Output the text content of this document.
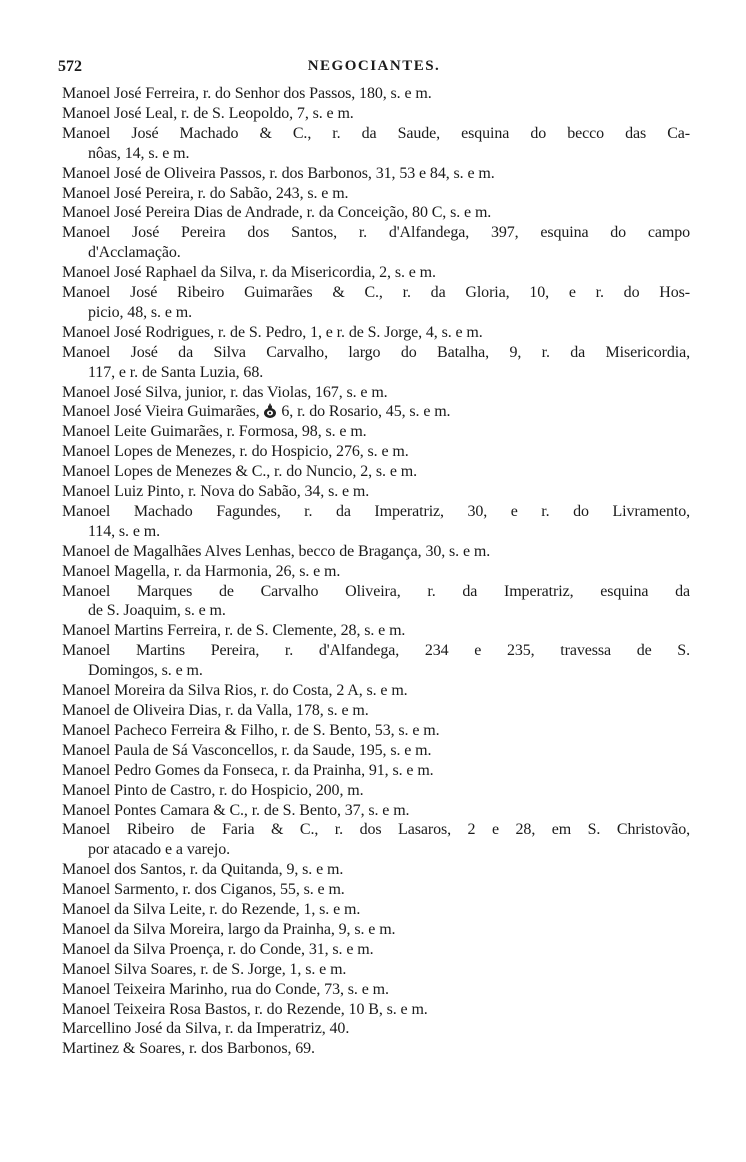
572	NEGOCIANTES.
Manoel José Ferreira, r. do Senhor dos Passos, 180, s. e m.
Manoel José Leal, r. de S. Leopoldo, 7, s. e m.
Manoel José Machado & C., r. da Saude, esquina do becco das Ca-
nôas, 14, s. e m.
Manoel José de Oliveira Passos, r. dos Barbonos, 31, 53 e 84, s. e m.
Manoel José Pereira, r. do Sabão, 243, s. e m.
Manoel José Pereira Dias de Andrade, r. da Conceição, 80 C, s. e m.
Manoel José Pereira dos Santos, r. d'Alfandega, 397, esquina do campo
d'Acclamação.
Manoel José Raphael da Silva, r. da Misericordia, 2, s. e m.
Manoel José Ribeiro Guimarães & C., r. da Gloria, 10, e r. do Hos-
picio, 48, s. e m.
Manoel José Rodrigues, r. de S. Pedro, 1, e r. de S. Jorge, 4, s. e m.
Manoel José da Silva Carvalho, largo do Batalha, 9, r. da Misericordia,
117, e r. de Santa Luzia, 68.
Manoel José Silva, junior, r. das Violas, 167, s. e m.
Manoel José Vieira Guimarães,  6, r. do Rosario, 45, s. e m.
Manoel Leite Guimarães, r. Formosa, 98, s. e m.
Manoel Lopes de Menezes, r. do Hospicio, 276, s. e m.
Manoel Lopes de Menezes & C., r. do Nuncio, 2, s. e m.
Manoel Luiz Pinto, r. Nova do Sabão, 34, s. e m.
Manoel Machado Fagundes, r. da Imperatriz, 30, e r. do Livramento,
114, s. e m.
Manoel de Magalhães Alves Lenhas, becco de Bragança, 30, s. e m.
Manoel Magella, r. da Harmonia, 26, s. e m.
Manoel Marques de Carvalho Oliveira, r. da Imperatriz, esquina da
de S. Joaquim, s. e m.
Manoel Martins Ferreira, r. de S. Clemente, 28, s. e m.
Manoel Martins Pereira, r. d'Alfandega, 234 e 235, travessa de S.
Domingos, s. e m.
Manoel Moreira da Silva Rios, r. do Costa, 2 A, s. e m.
Manoel de Oliveira Dias, r. da Valla, 178, s. e m.
Manoel Pacheco Ferreira & Filho, r. de S. Bento, 53, s. e m.
Manoel Paula de Sá Vasconcellos, r. da Saude, 195, s. e m.
Manoel Pedro Gomes da Fonseca, r. da Prainha, 91, s. e m.
Manoel Pinto de Castro, r. do Hospicio, 200, m.
Manoel Pontes Camara & C., r. de S. Bento, 37, s. e m.
Manoel Ribeiro de Faria & C., r. dos Lasaros, 2 e 28, em S. Christovão,
por atacado e a varejo.
Manoel dos Santos, r. da Quitanda, 9, s. e m.
Manoel Sarmento, r. dos Ciganos, 55, s. e m.
Manoel da Silva Leite, r. do Rezende, 1, s. e m.
Manoel da Silva Moreira, largo da Prainha, 9, s. e m.
Manoel da Silva Proença, r. do Conde, 31, s. e m.
Manoel Silva Soares, r. de S. Jorge, 1, s. e m.
Manoel Teixeira Marinho, rua do Conde, 73, s. e m.
Manoel Teixeira Rosa Bastos, r. do Rezende, 10 B, s. e m.
Marcellino José da Silva, r. da Imperatriz, 40.
Martinez & Soares, r. dos Barbonos, 69.
